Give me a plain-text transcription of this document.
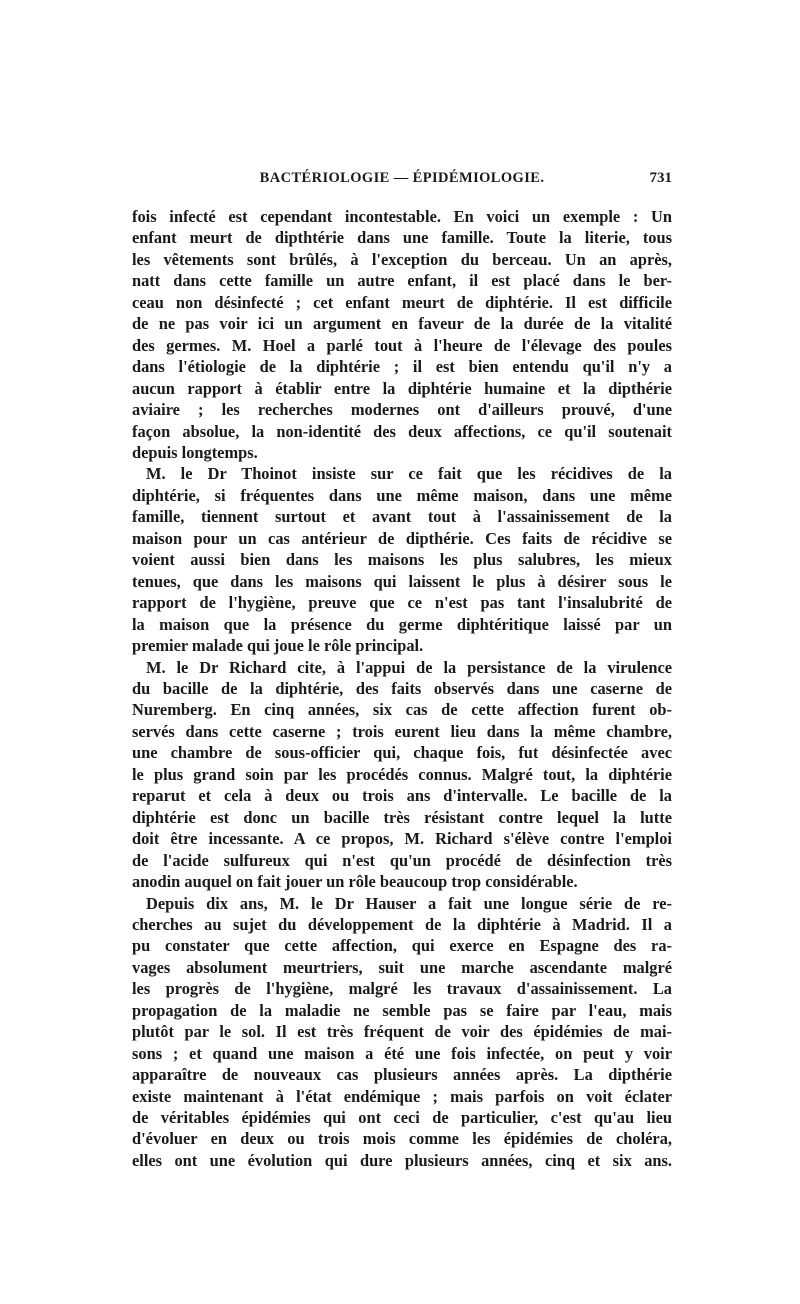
BACTÉRIOLOGIE — ÉPIDÉMIOLOGIE.	731
fois infecté est cependant incontestable. En voici un exemple : Un
enfant meurt de dipthtérie dans une famille. Toute la literie, tous
les vêtements sont brûlés, à l'exception du berceau. Un an après,
natt dans cette famille un autre enfant, il est placé dans le ber-
ceau non désinfecté ; cet enfant meurt de diphtérie. Il est difficile
de ne pas voir ici un argument en faveur de la durée de la vitalité
des germes. M. Hoel a parlé tout à l'heure de l'élevage des poules
dans l'étiologie de la diphtérie ; il est bien entendu qu'il n'y a
aucun rapport à établir entre la diphtérie humaine et la dipthérie
aviaire ; les recherches modernes ont d'ailleurs prouvé, d'une
façon absolue, la non-identité des deux affections, ce qu'il soutenait
depuis longtemps.
M. le Dr Thoinot insiste sur ce fait que les récidives de la
diphtérie, si fréquentes dans une même maison, dans une même
famille, tiennent surtout et avant tout à l'assainissement de la
maison pour un cas antérieur de dipthérie. Ces faits de récidive se
voient aussi bien dans les maisons les plus salubres, les mieux
tenues, que dans les maisons qui laissent le plus à désirer sous le
rapport de l'hygiène, preuve que ce n'est pas tant l'insalubrité de
la maison que la présence du germe diphtéritique laissé par un
premier malade qui joue le rôle principal.
M. le Dr Richard cite, à l'appui de la persistance de la virulence
du bacille de la diphtérie, des faits observés dans une caserne de
Nuremberg. En cinq années, six cas de cette affection furent ob-
servés dans cette caserne ; trois eurent lieu dans la même chambre,
une chambre de sous-officier qui, chaque fois, fut désinfectée avec
le plus grand soin par les procédés connus. Malgré tout, la diphtérie
reparut et cela à deux ou trois ans d'intervalle. Le bacille de la
diphtérie est donc un bacille très résistant contre lequel la lutte
doit être incessante. A ce propos, M. Richard s'élève contre l'emploi
de l'acide sulfureux qui n'est qu'un procédé de désinfection très
anodin auquel on fait jouer un rôle beaucoup trop considérable.
Depuis dix ans, M. le Dr Hauser a fait une longue série de re-
cherches au sujet du développement de la diphtérie à Madrid. Il a
pu constater que cette affection, qui exerce en Espagne des ra-
vages absolument meurtriers, suit une marche ascendante malgré
les progrès de l'hygiène, malgré les travaux d'assainissement. La
propagation de la maladie ne semble pas se faire par l'eau, mais
plutôt par le sol. Il est très fréquent de voir des épidémies de mai-
sons ; et quand une maison a été une fois infectée, on peut y voir
apparaître de nouveaux cas plusieurs années après. La dipthérie
existe maintenant à l'état endémique ; mais parfois on voit éclater
de véritables épidémies qui ont ceci de particulier, c'est qu'au lieu
d'évoluer en deux ou trois mois comme les épidémies de choléra,
elles ont une évolution qui dure plusieurs années, cinq et six ans.
